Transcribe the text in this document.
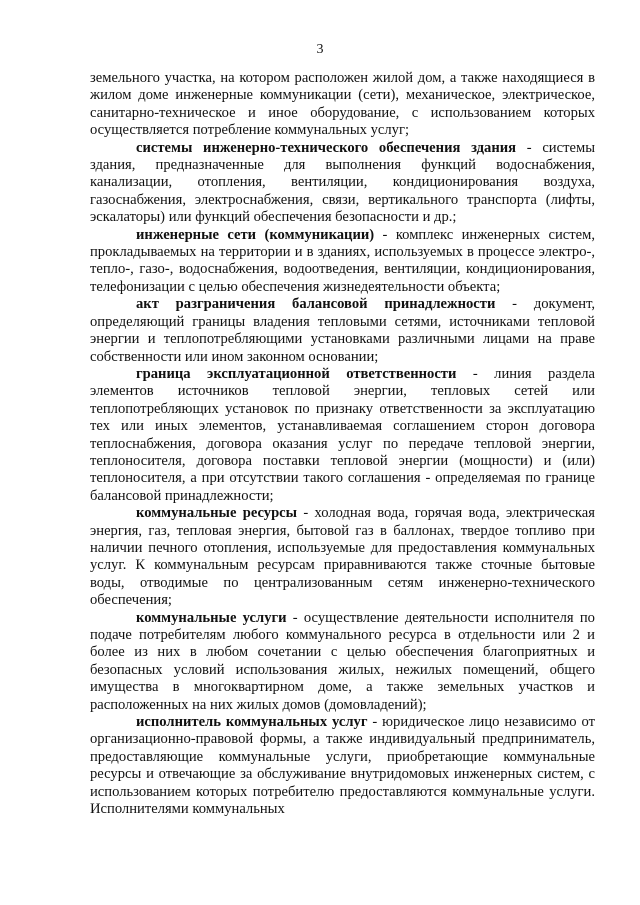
3

земельного участка, на котором расположен жилой дом, а также находящиеся в жилом доме инженерные коммуникации (сети), механическое, электрическое, санитарно-техническое и иное оборудование, с использованием которых осуществляется потребление коммунальных услуг;

системы инженерно-технического обеспечения здания - системы здания, предназначенные для выполнения функций водоснабжения, канализации, отопления, вентиляции, кондиционирования воздуха, газоснабжения, электроснабжения, связи, вертикального транспорта (лифты, эскалаторы) или функций обеспечения безопасности и др.;

инженерные сети (коммуникации) - комплекс инженерных систем, прокладываемых на территории и в зданиях, используемых в процессе электро-, тепло-, газо-, водоснабжения, водоотведения, вентиляции, кондиционирования, телефонизации с целью обеспечения жизнедеятельности объекта;

акт разграничения балансовой принадлежности - документ, определяющий границы владения тепловыми сетями, источниками тепловой энергии и теплопотребляющими установками различными лицами на праве собственности или ином законном основании;

граница эксплуатационной ответственности - линия раздела элементов источников тепловой энергии, тепловых сетей или теплопотребляющих установок по признаку ответственности за эксплуатацию тех или иных элементов, устанавливаемая соглашением сторон договора теплоснабжения, договора оказания услуг по передаче тепловой энергии, теплоносителя, договора поставки тепловой энергии (мощности) и (или) теплоносителя, а при отсутствии такого соглашения - определяемая по границе балансовой принадлежности;

коммунальные ресурсы - холодная вода, горячая вода, электрическая энергия, газ, тепловая энергия, бытовой газ в баллонах, твердое топливо при наличии печного отопления, используемые для предоставления коммунальных услуг. К коммунальным ресурсам приравниваются также сточные бытовые воды, отводимые по централизованным сетям инженерно-технического обеспечения;

коммунальные услуги - осуществление деятельности исполнителя по подаче потребителям любого коммунального ресурса в отдельности или 2 и более из них в любом сочетании с целью обеспечения благоприятных и безопасных условий использования жилых, нежилых помещений, общего имущества в многоквартирном доме, а также земельных участков и расположенных на них жилых домов (домовладений);

исполнитель коммунальных услуг - юридическое лицо независимо от организационно-правовой формы, а также индивидуальный предприниматель, предоставляющие коммунальные услуги, приобретающие коммунальные ресурсы и отвечающие за обслуживание внутридомовых инженерных систем, с использованием которых потребителю предоставляются коммунальные услуги. Исполнителями коммунальных
